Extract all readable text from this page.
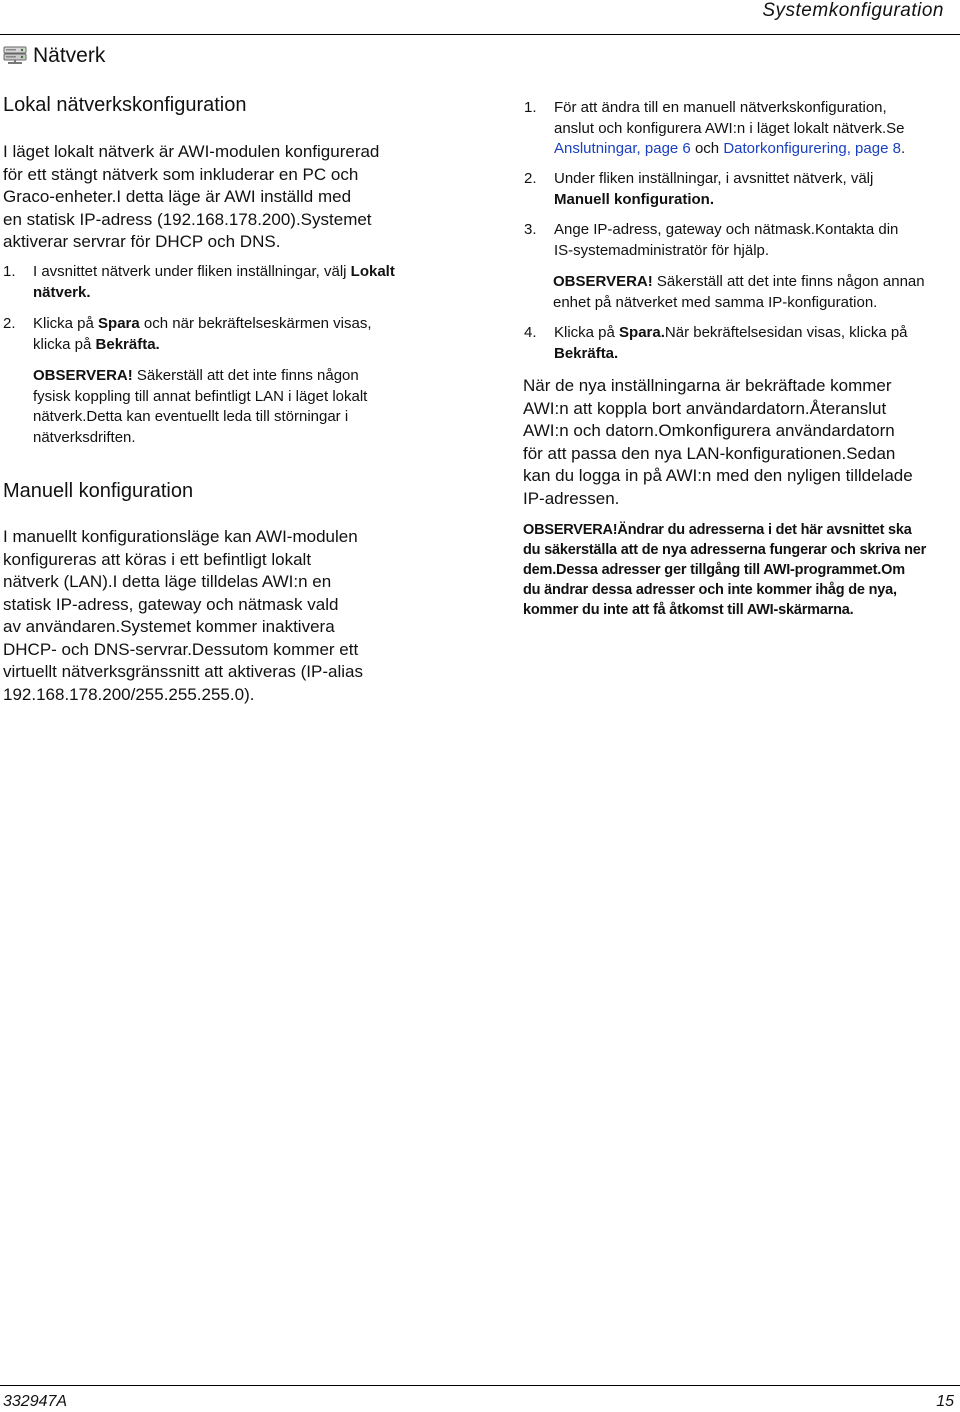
Systemkonfiguration
Nätverk
Lokal nätverkskonfiguration
I läget lokalt nätverk är AWI-modulen konfigurerad
för ett stängt nätverk som inkluderar en PC och
Graco-enheter.I detta läge är AWI inställd med
en statisk IP-adress (192.168.178.200).Systemet
aktiverar servrar för DHCP och DNS.
1. I avsnittet nätverk under fliken inställningar, välj Lokalt
nätverk.
2. Klicka på Spara och när bekräftelseskärmen visas,
klicka på Bekräfta.
OBSERVERA! Säkerställ att det inte finns någon
fysisk koppling till annat befintligt LAN i läget lokalt
nätverk.Detta kan eventuellt leda till störningar i
nätverksdriften.
Manuell konfiguration
I manuellt konfigurationsläge kan AWI-modulen
konfigureras att köras i ett befintligt lokalt
nätverk (LAN).I detta läge tilldelas AWI:n en
statisk IP-adress, gateway och nätmask vald
av användaren.Systemet kommer inaktivera
DHCP- och DNS-servrar.Dessutom kommer ett
virtuellt nätverksgränssnitt att aktiveras (IP-alias
192.168.178.200/255.255.255.0).
1. För att ändra till en manuell nätverkskonfiguration,
anslut och konfigurera AWI:n i läget lokalt nätverk.Se
Anslutningar, page 6 och Datorkonfigurering, page 8.
2. Under fliken inställningar, i avsnittet nätverk, välj
Manuell konfiguration.
3. Ange IP-adress, gateway och nätmask.Kontakta din
IS-systemadministratör för hjälp.
OBSERVERA! Säkerställ att det inte finns någon annan
enhet på nätverket med samma IP-konfiguration.
4. Klicka på Spara.När bekräftelsesidan visas, klicka på
Bekräfta.
När de nya inställningarna är bekräftade kommer
AWI:n att koppla bort användardatorn.Återanslut
AWI:n och datorn.Omkonfigurera användardatorn
för att passa den nya LAN-konfigurationen.Sedan
kan du logga in på AWI:n med den nyligen tilldelade
IP-adressen.
OBSERVERA!Ändrar du adresserna i det här avsnittet ska
du säkerställa att de nya adresserna fungerar och skriva ner
dem.Dessa adresser ger tillgång till AWI-programmet.Om
du ändrar dessa adresser och inte kommer ihåg de nya,
kommer du inte att få åtkomst till AWI-skärmarna.
332947A	15
